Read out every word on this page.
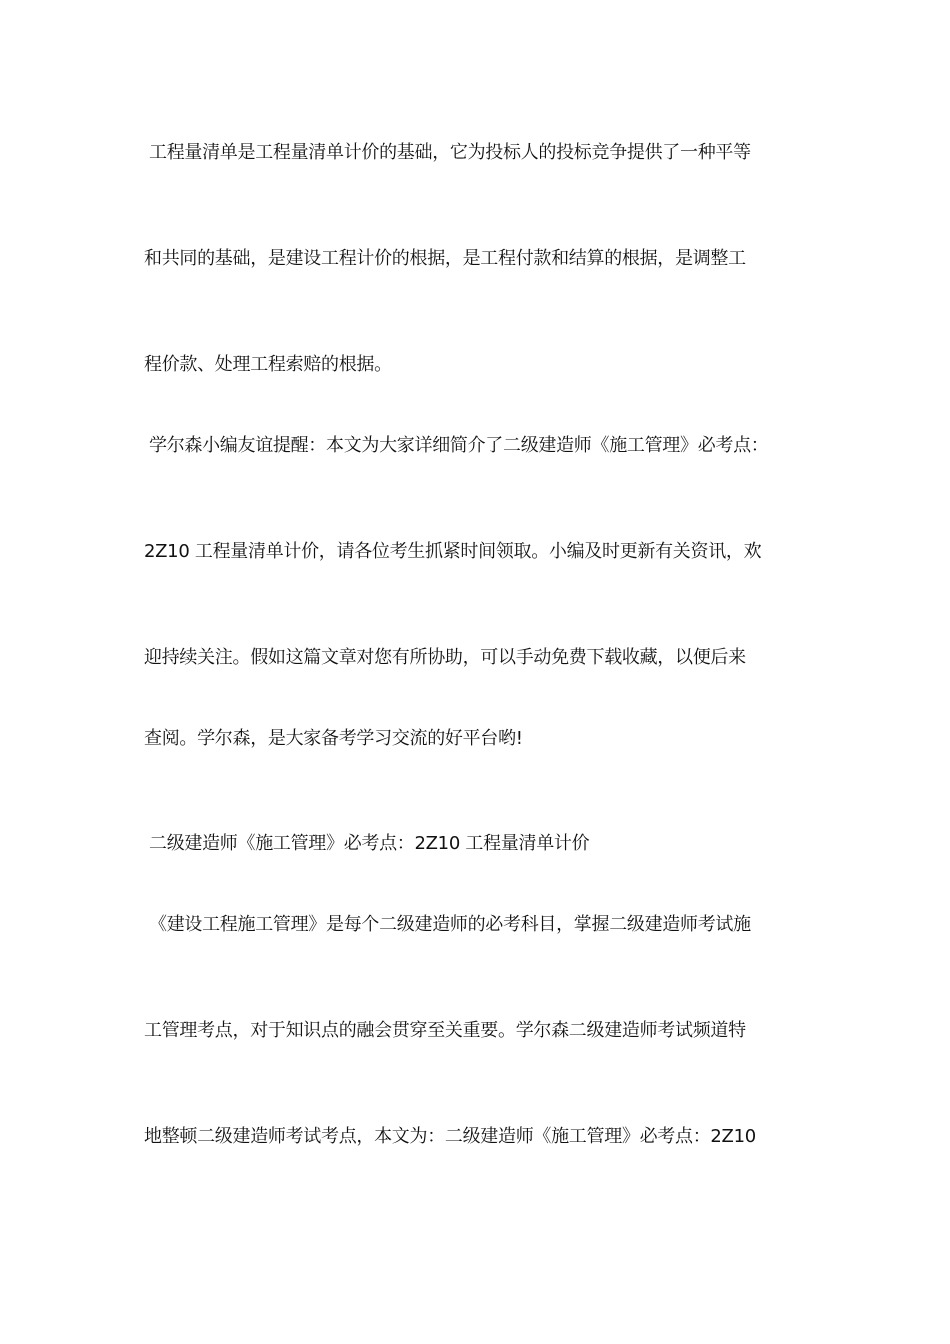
工程量清单是工程量清单计价的基础，它为投标人的投标竞争提供了一种平等
和共同的基础，是建设工程计价的根据，是工程付款和结算的根据，是调整工
程价款、处理工程索赔的根据。
学尔森小编友谊提醒：本文为大家详细简介了二级建造师《施工管理》必考点：
2Z10 工程量清单计价，请各位考生抓紧时间领取。小编及时更新有关资讯，欢
迎持续关注。假如这篇文章对您有所协助，可以手动免费下载收藏，以便后来
查阅。学尔森，是大家备考学习交流的好平台哟!
二级建造师《施工管理》必考点：2Z10 工程量清单计价
《建设工程施工管理》是每个二级建造师的必考科目，掌握二级建造师考试施
工管理考点，对于知识点的融会贯穿至关重要。学尔森二级建造师考试频道特
地整顿二级建造师考试考点，本文为：二级建造师《施工管理》必考点：2Z10
